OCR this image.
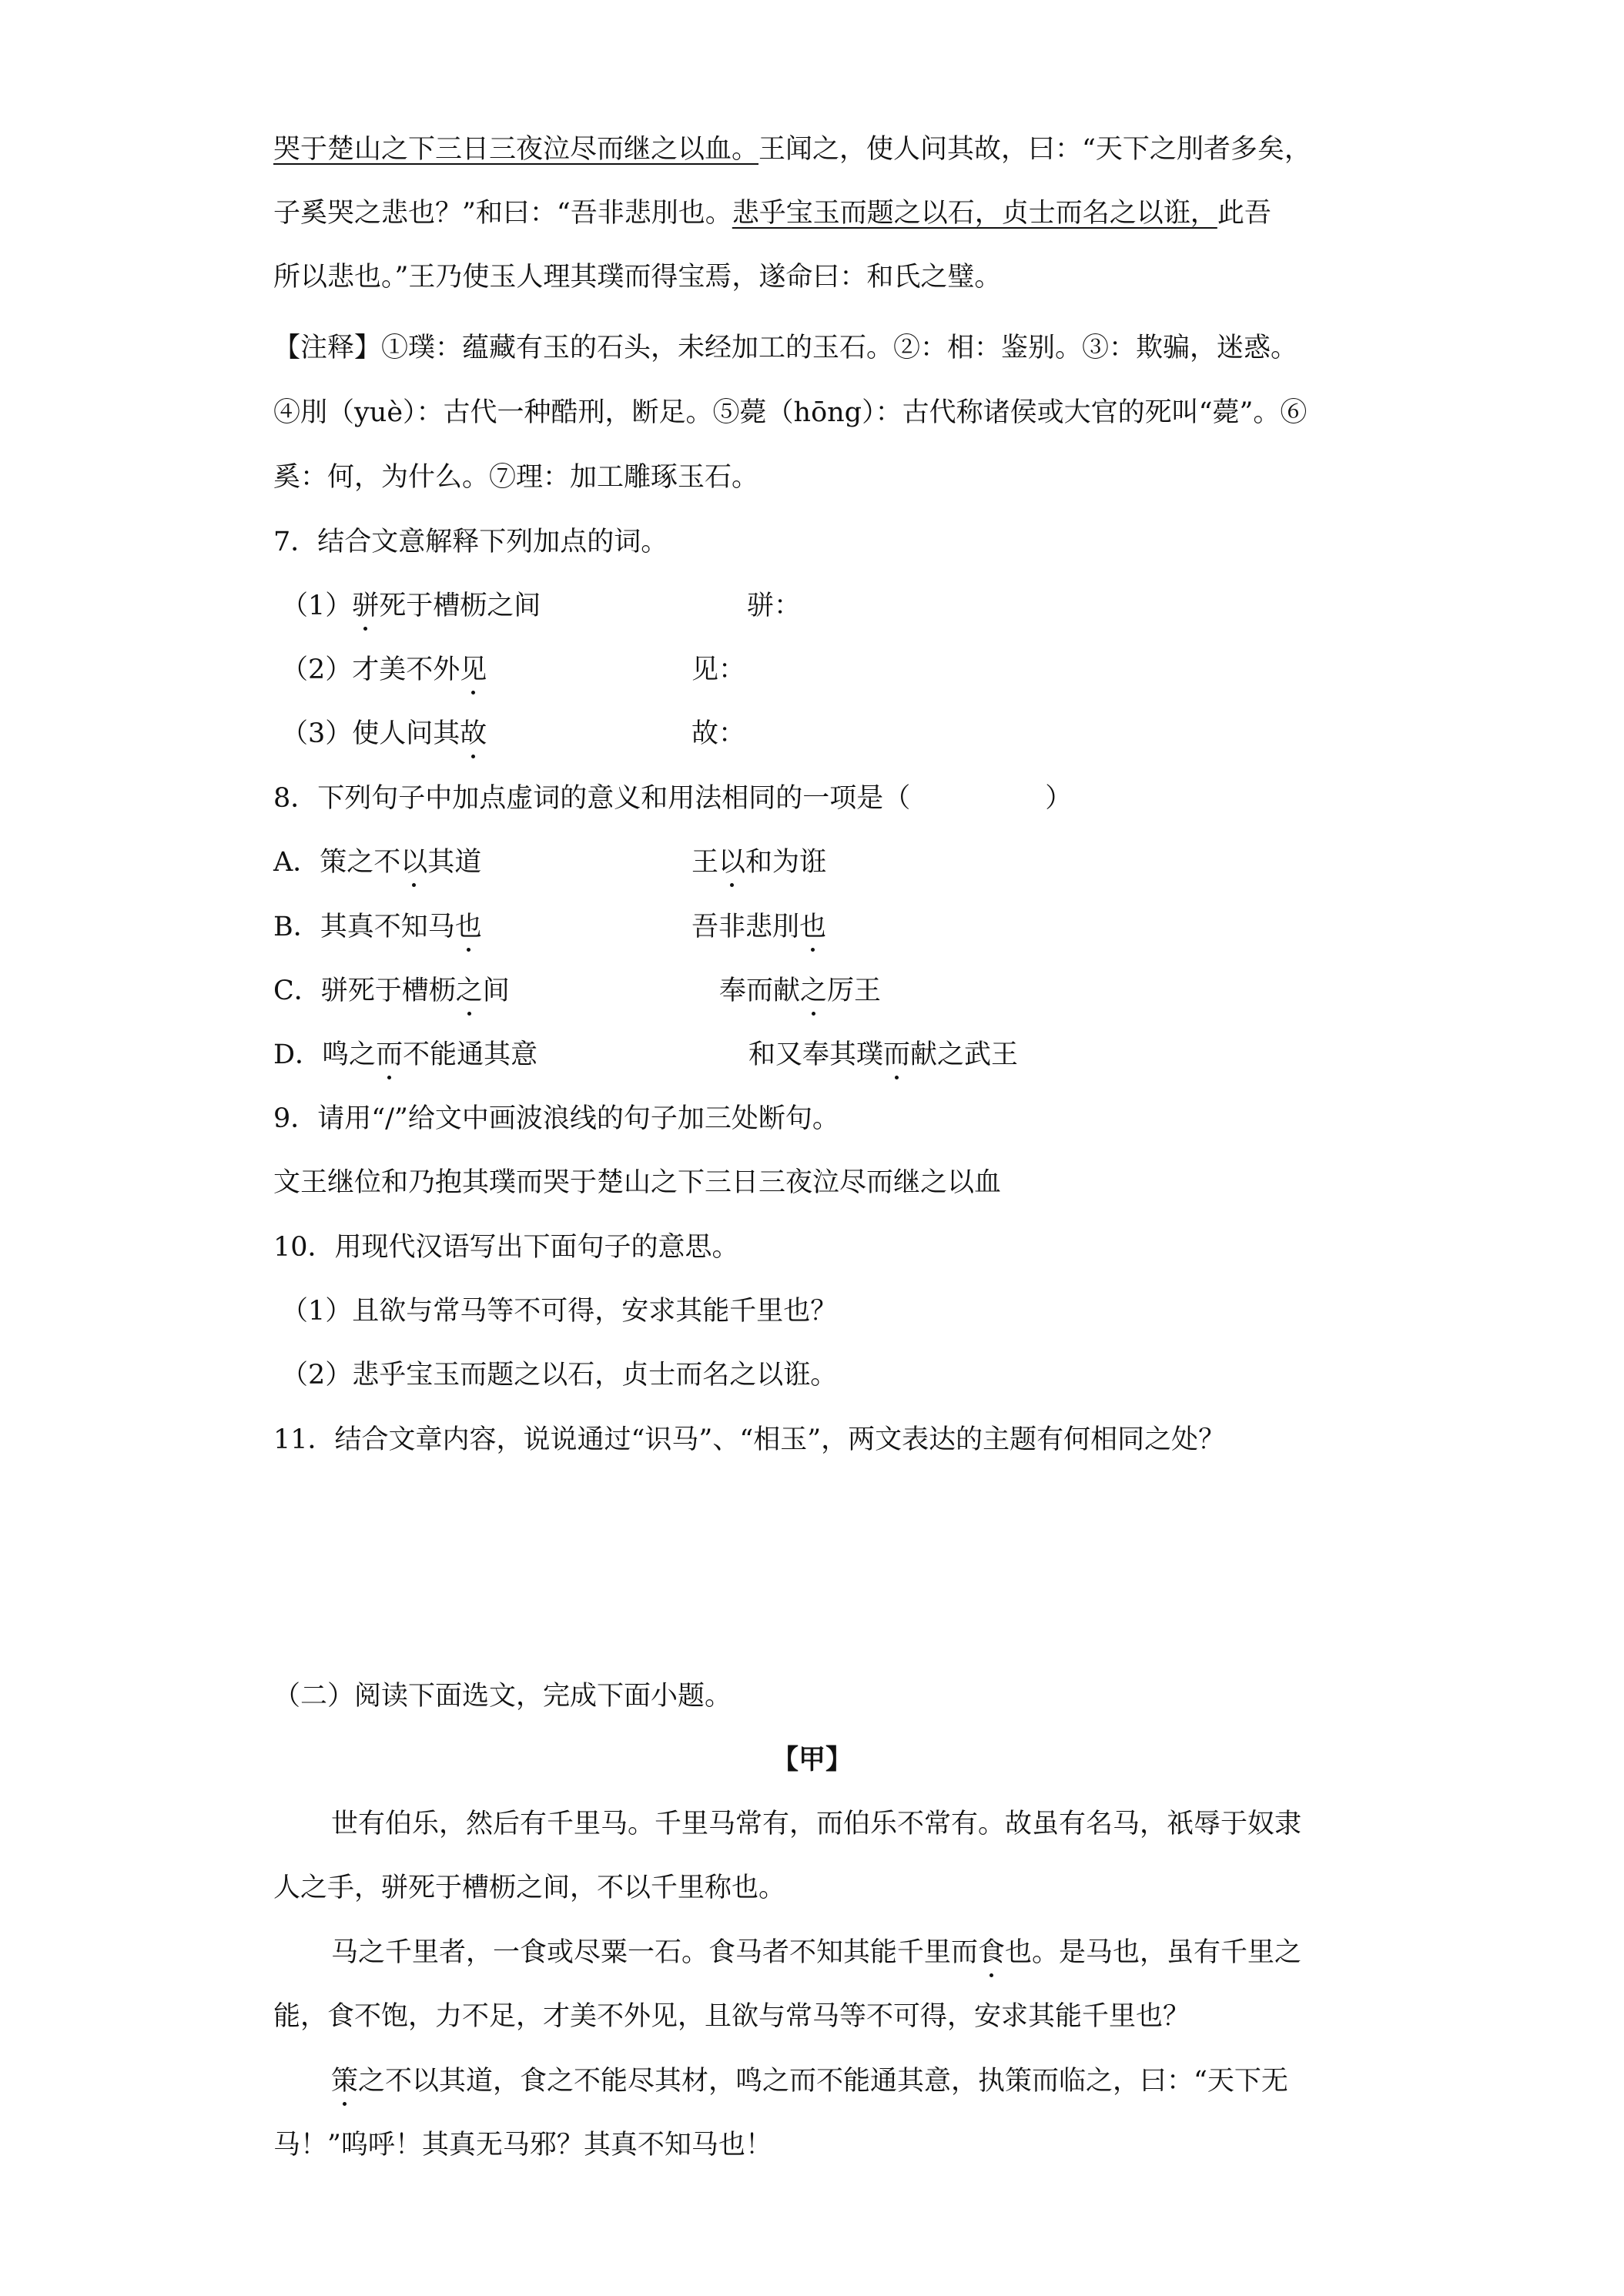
哭于楚山之下三日三夜泣尽而继之以血。王闻之，使人问其故，曰：“天下之刖者多矣，
子奚哭之悲也？”和曰：“吾非悲刖也。悲乎宝玉而题之以石，贞士而名之以诳，此吾
所以悲也。”王乃使玉人理其璞而得宝焉，遂命曰：和氏之璧。
【注释】①璞：蕴藏有玉的石头，未经加工的玉石。②：相：鉴别。③：欺骗，迷惑。
④刖（yuè）：古代一种酷刑，断足。⑤薨（hōng）：古代称诸侯或大官的死叫“薨”。⑥
奚：何，为什么。⑦理：加工雕琢玉石。
7．结合文意解释下列加点的词。
（1）骈死于槽枥之间	骈：
（2）才美不外见	见：
（3）使人问其故	故：
8．下列句子中加点虚词的意义和用法相同的一项是（　　　　　）
A．策之不以其道	王以和为诳
B．其真不知马也	吾非悲刖也
C．骈死于槽枥之间	奉而献之厉王
D．鸣之而不能通其意	和又奉其璞而献之武王
9．请用“/”给文中画波浪线的句子加三处断句。
文王继位和乃抱其璞而哭于楚山之下三日三夜泣尽而继之以血
10．用现代汉语写出下面句子的意思。
（1）且欲与常马等不可得，安求其能千里也？
（2）悲乎宝玉而题之以石，贞士而名之以诳。
11．结合文章内容，说说通过“识马”、“相玉”，两文表达的主题有何相同之处？
（二）阅读下面选文，完成下面小题。
【甲】
世有伯乐，然后有千里马。千里马常有，而伯乐不常有。故虽有名马，祇辱于奴隶
人之手，骈死于槽枥之间，不以千里称也。
马之千里者，一食或尽粟一石。食马者不知其能千里而食也。是马也，虽有千里之
能，食不饱，力不足，才美不外见，且欲与常马等不可得，安求其能千里也？
策之不以其道，食之不能尽其材，鸣之而不能通其意，执策而临之，曰：“天下无
马！”呜呼！其真无马邪？其真不知马也！
